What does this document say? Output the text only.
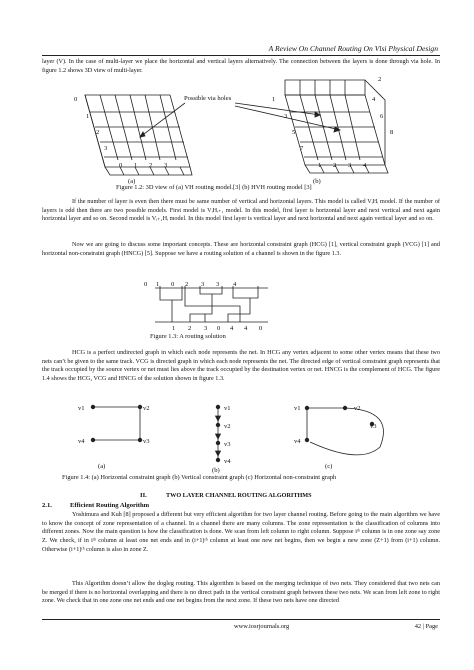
A Review On Channel Routing On Vlsi Physical Design
layer (V). In the case of multi-layer we place the horizontal and vertical layers alternatively. The connection between the layers is done through via hole. In figure 1.2 shows 3D view of multi-layer.
Possible via holes
0
1
2
3
0 1 2 3
1
2
3
4
5
6
7
8
1 2 3 4
(a)	(b)
Figure 1.2: 3D view of (a) VH routing model.[3] (b) HVH routing model [3]
If the number of layer is even then there must be same number of vertical and horizontal layers. This model is called VᵢHᵢ model. If the number of layers is odd then there are two possible models. First model is VᵢHᵢ₊₁ model. In this model, first layer is horizontal layer and next vertical and next again horizontal layer and so on. Second model is Vᵢ₊₁Hᵢ model. In this model first layer is vertical layer and next horizontal and next again vertical layer and so on.
Now we are going to discuss some important concepts. These are horizontal constraint graph (HCG) [1], vertical constraint graph (VCG) [1] and horizontal non-constraint graph (HNCG) [5]. Suppose we have a routing solution of a channel is shown in the figure 1.3.
0 1 0 2 3 3 4
1 2 3 0 4 4 0
Figure 1.3: A routing solution
HCG is a perfect undirected graph in which each node represents the net. In HCG any vertex adjacent to some other vertex means that these two nets can’t be given to the same track. VCG is directed graph in which each node represents the net. The directed edge of vertical constraint graph represents that the track occupied by the source vertex or net must lies above the track occupied by the destination vertex or net. HNCG is the complement of HCG. The figure 1.4 shows the HCG, VCG and HNCG of the solution shown in figure 1.3.
v1	v2
v3
v4
(a)
v1
v2
v3
v4
(b)
v1	v2
v3
v4
(c)
Figure 1.4: (a) Horizontal constraint graph (b) Vertical constraint graph (c) Horizontal non-constraint graph
II.	TWO LAYER CHANNEL ROUTING ALGORITHMS
2.1.	Efficient Routing Algorithm
Yoshimura and Kuh [8] proposed a different but very efficient algorithm for two layer channel routing. Before going to the main algorithm we have to know the concept of zone representation of a channel. In a channel there are many columns. The zone representation is the classification of columns into different zones. Now the main question is how the classification is done. We scan from left column to right column. Suppose iᵗʰ column is in one zone say zone Z. We check, if in iᵗʰ column at least one net ends and in (i+1)ᵗʰ column at least one new net begins, then we begin a new zone (Z+1) from (i+1) column. Otherwise (i+1)ᵗʰ column is also in zone Z.
This Algorithm doesn’t allow the dogleg routing. This algorithm is based on the merging technique of two nets. They considered that two nets can be merged if there is no horizontal overlapping and there is no direct path in the vertical constraint graph between these two nets. We scan from left zone to right zone. We check that in one zone one net ends and one net begins from the next zone. If these two nets have one directed
www.iosrjournals.org	42 | Page
